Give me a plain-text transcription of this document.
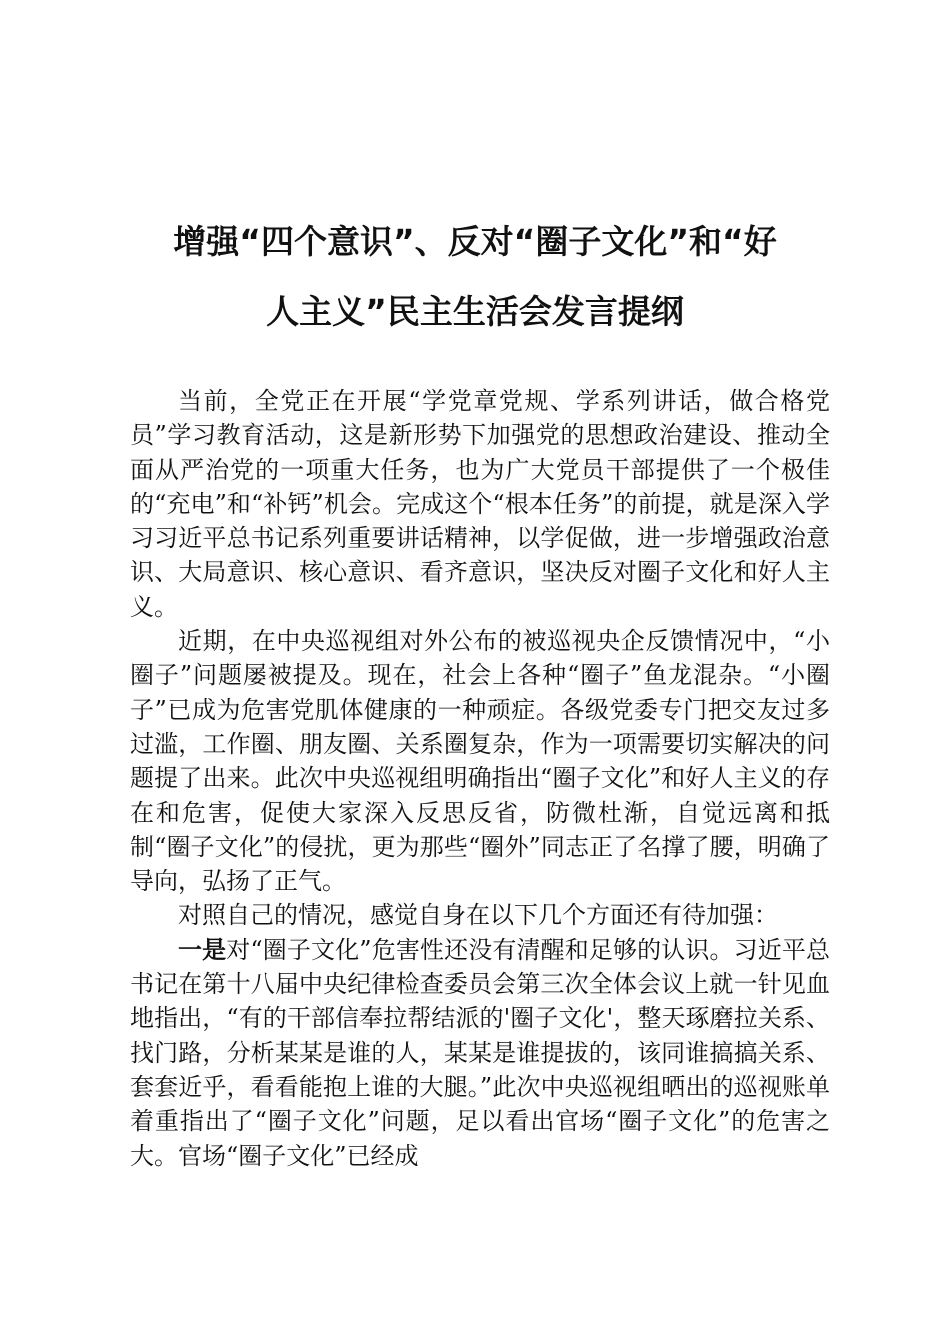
增强“四个意识”、反对“圈子文化”和“好
人主义”民主生活会发言提纲

当前，全党正在开展“学党章党规、学系列讲话，做合格党员”学习教育活动，这是新形势下加强党的思想政治建设、推动全面从严治党的一项重大任务，也为广大党员干部提供了一个极佳的“充电”和“补钙”机会。完成这个“根本任务”的前提，就是深入学习习近平总书记系列重要讲话精神，以学促做，进一步增强政治意识、大局意识、核心意识、看齐意识，坚决反对圈子文化和好人主义。

近期，在中央巡视组对外公布的被巡视央企反馈情况中，“小圈子”问题屡被提及。现在，社会上各种“圈子”鱼龙混杂。“小圈子”已成为危害党肌体健康的一种顽症。各级党委专门把交友过多过滥，工作圈、朋友圈、关系圈复杂，作为一项需要切实解决的问题提了出来。此次中央巡视组明确指出“圈子文化”和好人主义的存在和危害，促使大家深入反思反省，防微杜渐，自觉远离和抵制“圈子文化”的侵扰，更为那些“圈外”同志正了名撑了腰，明确了导向，弘扬了正气。

对照自己的情况，感觉自身在以下几个方面还有待加强：

一是对“圈子文化”危害性还没有清醒和足够的认识。习近平总书记在第十八届中央纪律检查委员会第三次全体会议上就一针见血地指出，“有的干部信奉拉帮结派的'圈子文化'，整天琢磨拉关系、找门路，分析某某是谁的人，某某是谁提拔的，该同谁搞搞关系、套套近乎，看看能抱上谁的大腿。”此次中央巡视组晒出的巡视账单着重指出了“圈子文化”问题，足以看出官场“圈子文化”的危害之大。官场“圈子文化”已经成
